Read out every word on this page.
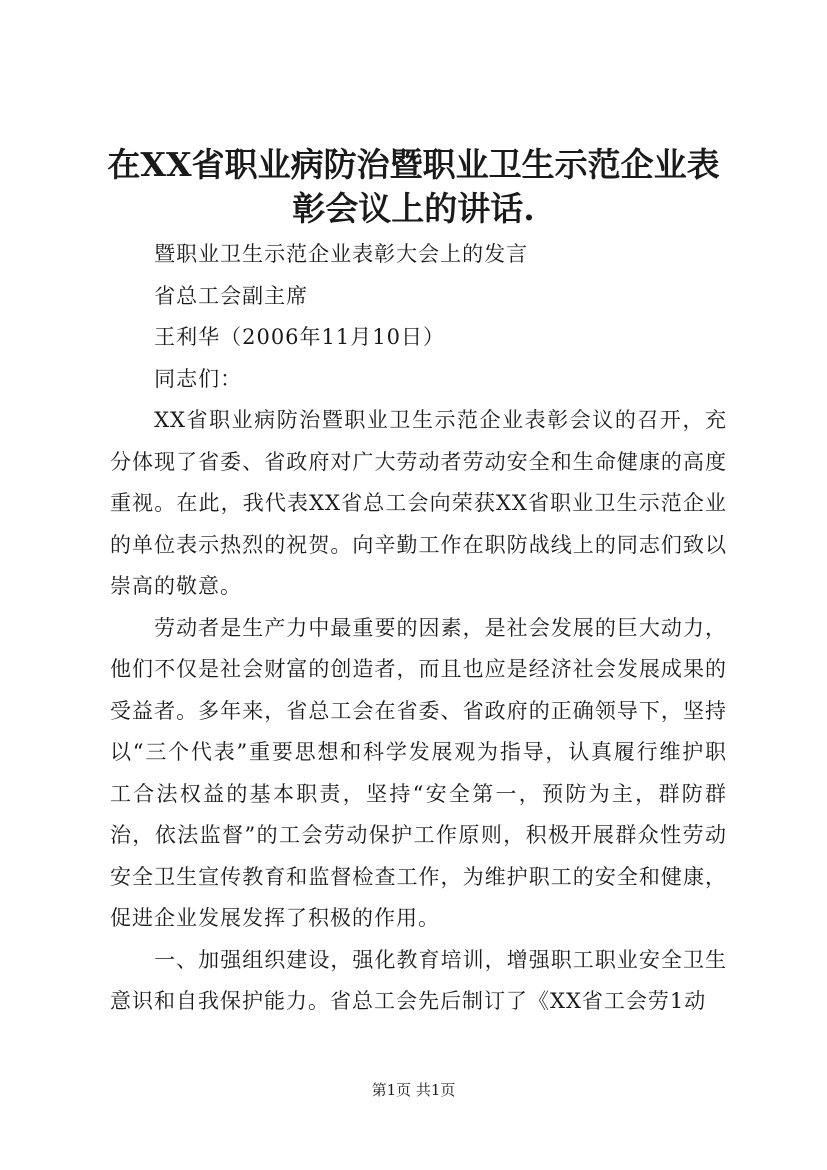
在XX省职业病防治暨职业卫生示范企业表彰会议上的讲话.

暨职业卫生示范企业表彰大会上的发言

省总工会副主席

王利华（2006年11月10日）

同志们：

XX省职业病防治暨职业卫生示范企业表彰会议的召开，充分体现了省委、省政府对广大劳动者劳动安全和生命健康的高度重视。在此，我代表XX省总工会向荣获XX省职业卫生示范企业的单位表示热烈的祝贺。向辛勤工作在职防战线上的同志们致以崇高的敬意。

劳动者是生产力中最重要的因素，是社会发展的巨大动力，他们不仅是社会财富的创造者，而且也应是经济社会发展成果的受益者。多年来，省总工会在省委、省政府的正确领导下，坚持以“三个代表”重要思想和科学发展观为指导，认真履行维护职工合法权益的基本职责，坚持“安全第一，预防为主，群防群治，依法监督”的工会劳动保护工作原则，积极开展群众性劳动安全卫生宣传教育和监督检查工作，为维护职工的安全和健康，促进企业发展发挥了积极的作用。

一、加强组织建设，强化教育培训，增强职工职业安全卫生意识和自我保护能力。省总工会先后制订了《XX省工会劳1动

第1页 共1页
